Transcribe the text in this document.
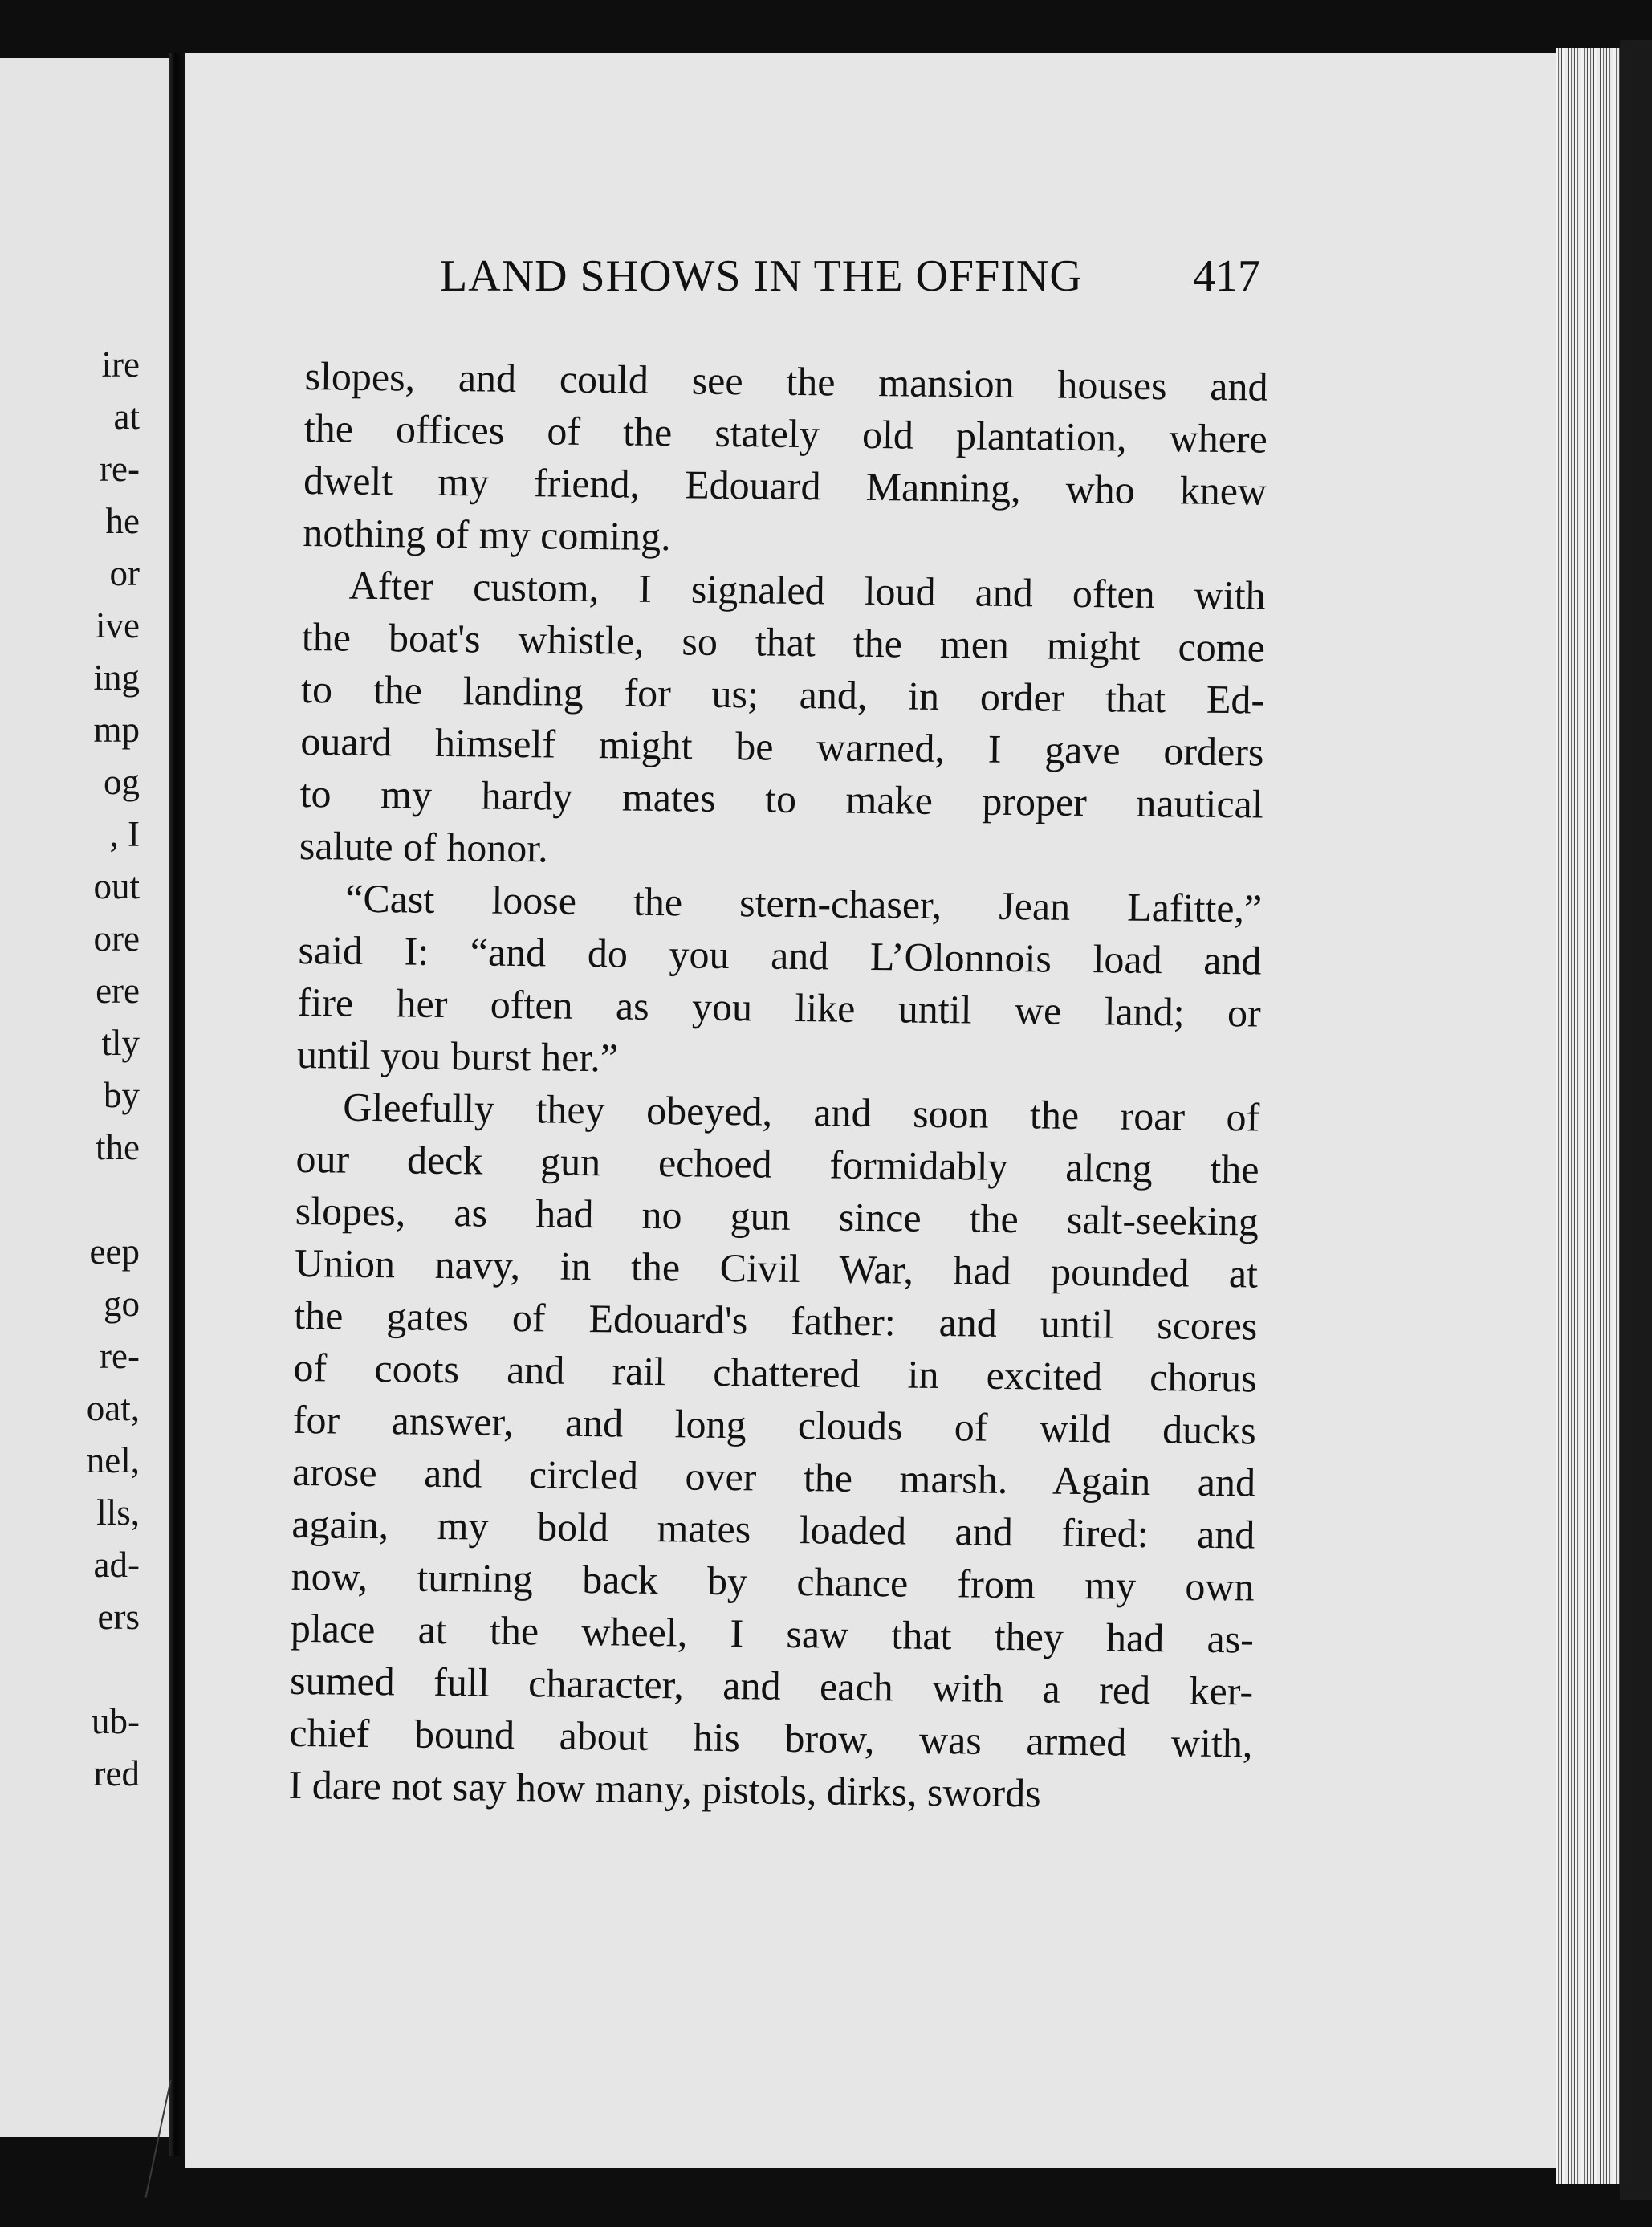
ire
at
re-
he
or
ive
ing
mp
og
, I
out
ore
ere
tly
by
the
eep
go
re-
oat,
nel,
lls,
ad-
ers
ub-
red
LAND SHOWS IN THE OFFING 417
slopes, and could see the mansion houses and
the offices of the stately old plantation, where
dwelt my friend, Edouard Manning, who knew
nothing of my coming.
After custom, I signaled loud and often with
the boat's whistle, so that the men might come
to the landing for us; and, in order that Ed-
ouard himself might be warned, I gave orders
to my hardy mates to make proper nautical
salute of honor.
“Cast loose the stern-chaser, Jean Lafitte,”
said I: “and do you and L’Olonnois load and
fire her often as you like until we land; or
until you burst her.”
Gleefully they obeyed, and soon the roar of
our deck gun echoed formidably alcng the
slopes, as had no gun since the salt-seeking
Union navy, in the Civil War, had pounded at
the gates of Edouard's father: and until scores
of coots and rail chattered in excited chorus
for answer, and long clouds of wild ducks
arose and circled over the marsh. Again and
again, my bold mates loaded and fired: and
now, turning back by chance from my own
place at the wheel, I saw that they had as-
sumed full character, and each with a red ker-
chief bound about his brow, was armed with,
I dare not say how many, pistols, dirks, swords
